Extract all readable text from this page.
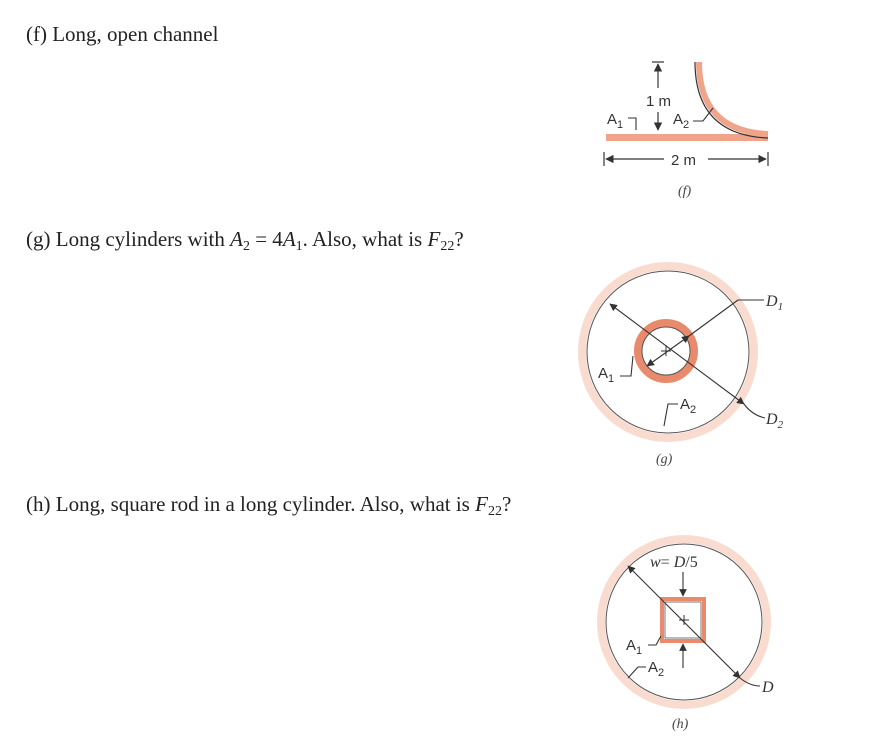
(f) Long, open channel

1 m
$A_1$	$A_2$
2 m
(f)

(g) Long cylinders with $A_2 = 4A_1$. Also, what is $F_{22}$?

$D_1$
$D_2$
$A_1$
$A_2$
(g)

(h) Long, square rod in a long cylinder. Also, what is $F_{22}$?

w= D/5
$A_1$
$A_2$
D
(h)
